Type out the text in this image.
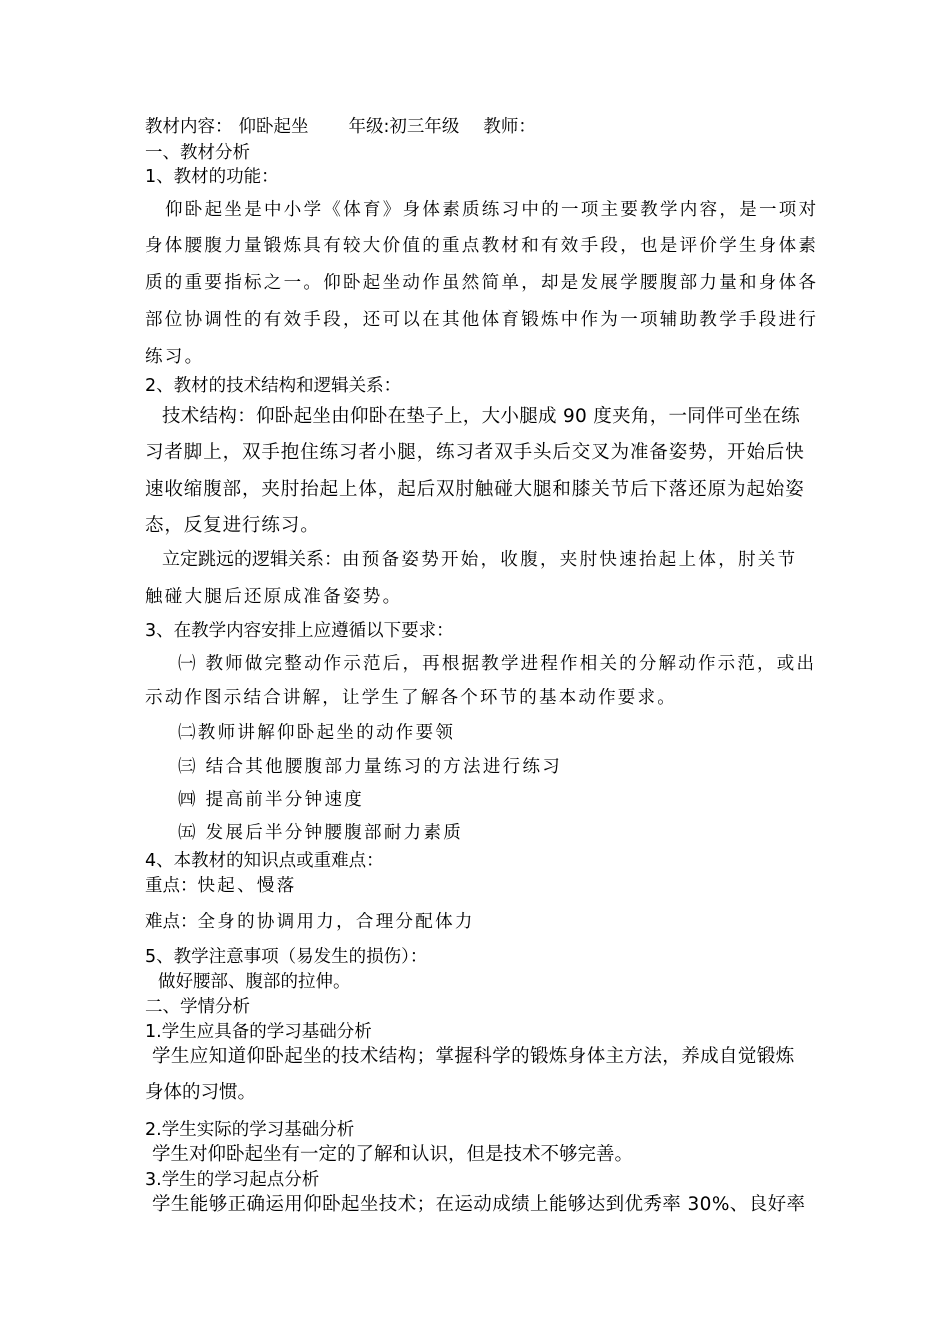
教材内容： 仰卧起坐 年级:初三年级 教师：
一、教材分析
1、教材的功能：
仰卧起坐是中小学《体育》身体素质练习中的一项主要教学内容，是一项对
身体腰腹力量锻炼具有较大价值的重点教材和有效手段，也是评价学生身体素
质的重要指标之一。仰卧起坐动作虽然简单，却是发展学腰腹部力量和身体各
部位协调性的有效手段，还可以在其他体育锻炼中作为一项辅助教学手段进行
练习。
2、教材的技术结构和逻辑关系：
技术结构：仰卧起坐由仰卧在垫子上，大小腿成 90 度夹角，一同伴可坐在练
习者脚上，双手抱住练习者小腿，练习者双手头后交叉为准备姿势，开始后快
速收缩腹部，夹肘抬起上体，起后双肘触碰大腿和膝关节后下落还原为起始姿
态，反复进行练习。
立定跳远的逻辑关系：由预备姿势开始，收腹，夹肘快速抬起上体，肘关节
触碰大腿后还原成准备姿势。
3、在教学内容安排上应遵循以下要求：
㈠ 教师做完整动作示范后，再根据教学进程作相关的分解动作示范，或出
示动作图示结合讲解，让学生了解各个环节的基本动作要求。
㈡教师讲解仰卧起坐的动作要领
㈢ 结合其他腰腹部力量练习的方法进行练习
㈣ 提高前半分钟速度
㈤ 发展后半分钟腰腹部耐力素质
4、本教材的知识点或重难点：
重点：快起、慢落
难点：全身的协调用力，合理分配体力
5、教学注意事项（易发生的损伤）：
做好腰部、腹部的拉伸。
二、学情分析
1.学生应具备的学习基础分析
学生应知道仰卧起坐的技术结构；掌握科学的锻炼身体主方法，养成自觉锻炼
身体的习惯。
2.学生实际的学习基础分析
学生对仰卧起坐有一定的了解和认识，但是技术不够完善。
3.学生的学习起点分析
学生能够正确运用仰卧起坐技术；在运动成绩上能够达到优秀率 30%、良好率
